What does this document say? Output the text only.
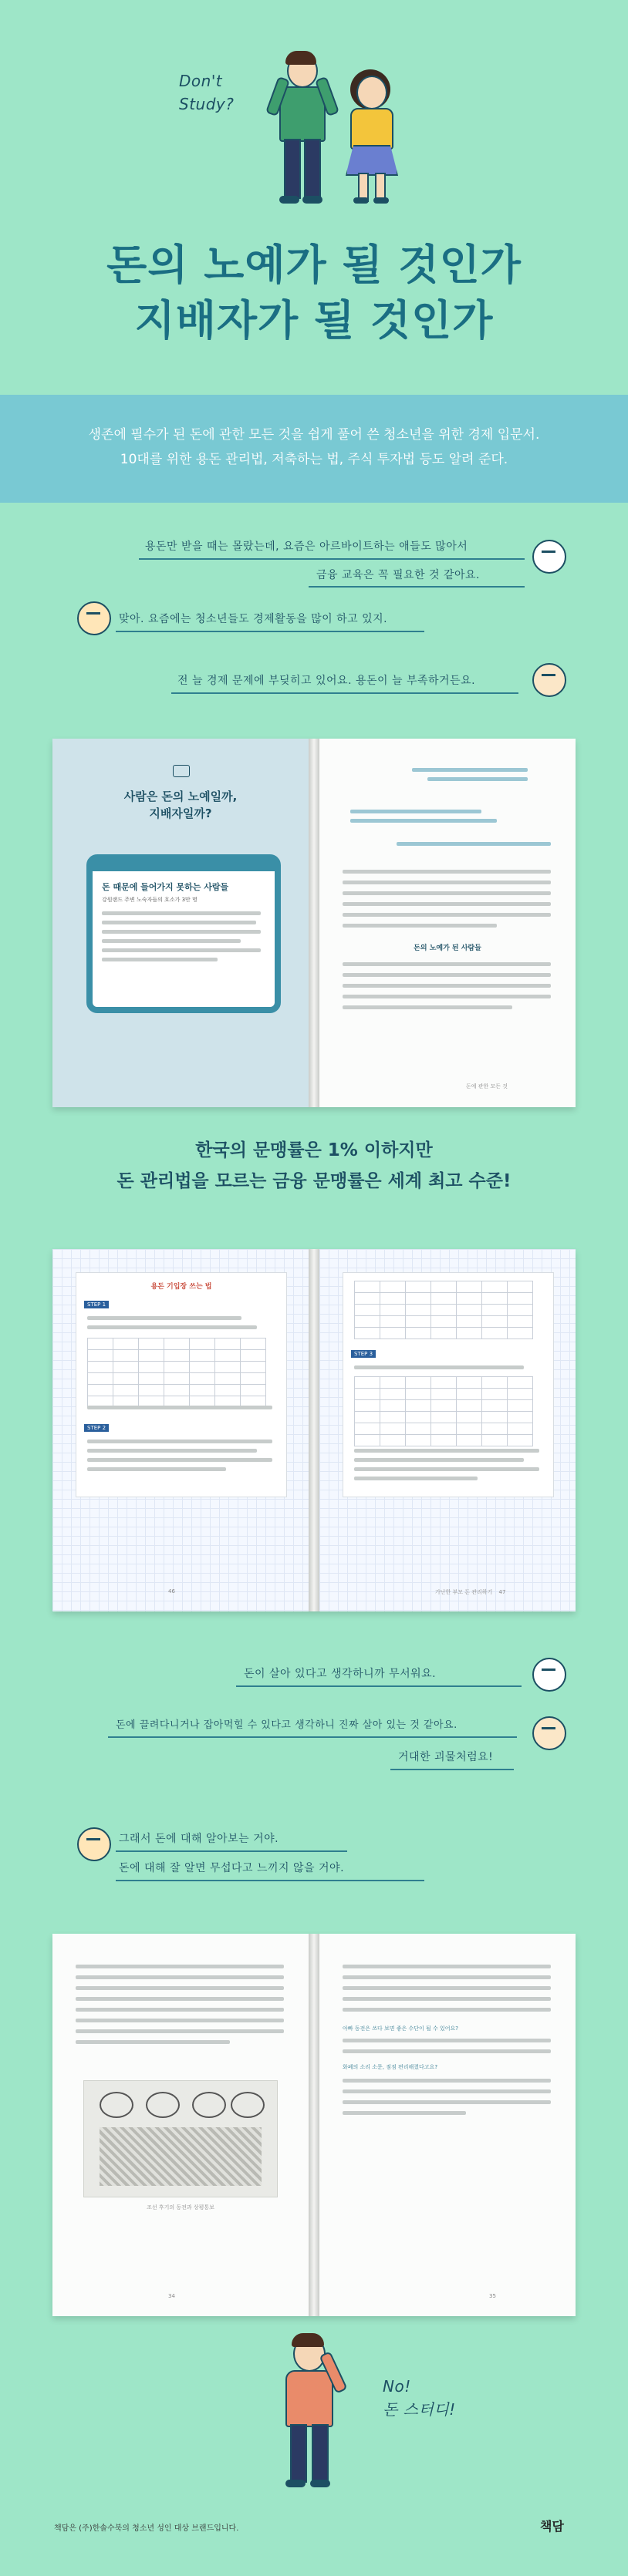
Don't
Study?
돈의 노예가 될 것인가
지배자가 될 것인가
생존에 필수가 된 돈에 관한 모든 것을 쉽게 풀어 쓴 청소년을 위한 경제 입문서.
10대를 위한 용돈 관리법, 저축하는 법, 주식 투자법 등도 알려 준다.
용돈만 받을 때는 몰랐는데, 요즘은 아르바이트하는 애들도 많아서
금융 교육은 꼭 필요한 것 같아요.
맞아. 요즘에는 청소년들도 경제활동을 많이 하고 있지.
전 늘 경제 문제에 부딪히고 있어요. 용돈이 늘 부족하거든요.
사람은 돈의 노예일까,
지배자일까?
돈 때문에 들어가지 못하는 사람들
강원랜드 주변 노숙자들의 호소가 3만 명
돈의 노예가 된 사람들
돈에 관한 모든 것
한국의 문맹률은 1% 이하지만
돈 관리법을 모르는 금융 문맹률은 세계 최고 수준!
용돈 기입장 쓰는 법
STEP 1

STEP 2
46

STEP 3

가난한 부모 돈 관리하기 47
돈이 살아 있다고 생각하니까 무서워요.
돈에 끌려다니거나 잡아먹힐 수 있다고 생각하니 진짜 살아 있는 것 같아요.
거대한 괴물처럼요!
그래서 돈에 대해 알아보는 거야.
돈에 대해 잘 알면 무섭다고 느끼지 않을 거야.
조선 후기의 동전과 상평통보
34
아빠 동전은 쓰다 보면 좋은 수단이 될 수 있어요?
화폐의 소리 소문, 점점 편리해졌다고요?
35
No!
돈 스터디!
책담은 (주)한솔수북의 청소년 성인 대상 브랜드입니다.	책담
